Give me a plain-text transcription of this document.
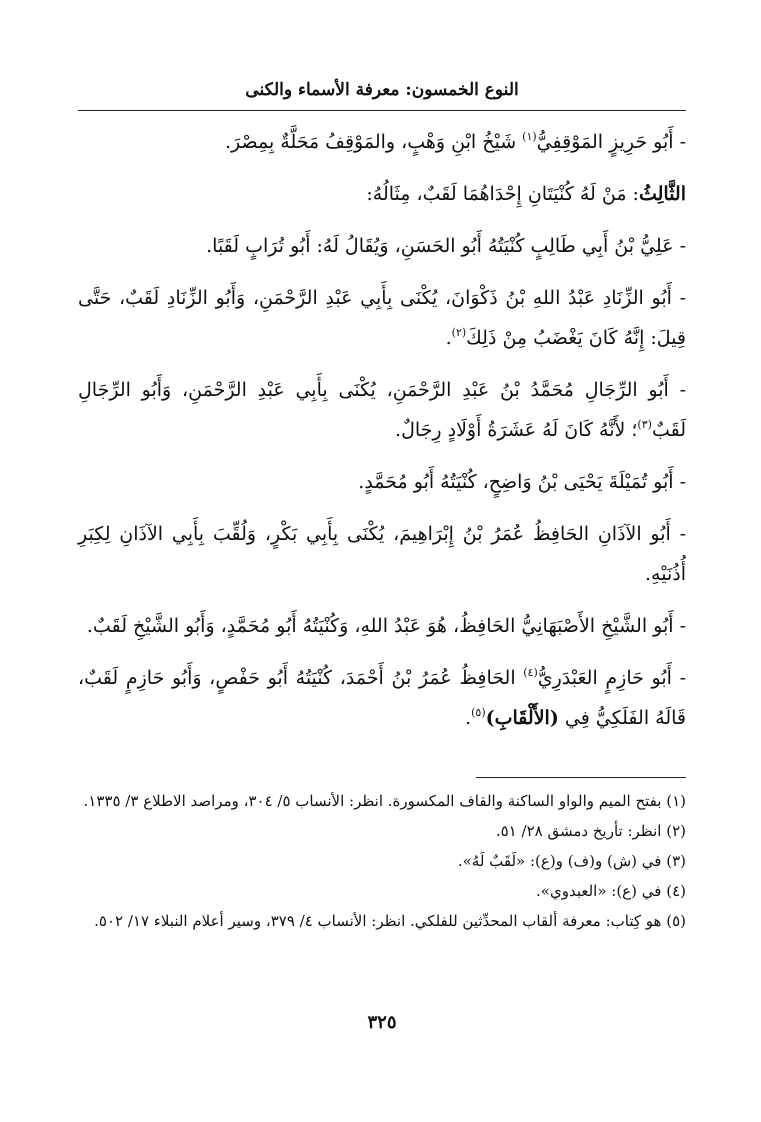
النوع الخمسون: معرفة الأسماء والكنى

- أَبُو حَرِيزٍ المَوْقِفِيُّ$^{(١)}$ شَيْخُ ابْنِ وَهْبٍ، والمَوْقِفُ مَحَلَّةٌ بِمِصْرَ.

الثَّالِثُ: مَنْ لَهُ كُنْيَتَانِ إِحْدَاهُمَا لَقَبٌ، مِثَالُهُ:

- عَلِيُّ بْنُ أَبِي طَالِبٍ كُنْيَتُهُ أَبُو الحَسَنِ، وَيُقَالُ لَهُ: أَبُو تُرَابٍ لَقَبًا.

- أَبُو الزِّنَادِ عَبْدُ اللهِ بْنُ ذَكْوَانَ، يُكْنَى بِأَبِي عَبْدِ الرَّحْمَنِ، وَأَبُو الزِّنَادِ لَقَبٌ، حَتَّى قِيلَ: إِنَّهُ كَانَ يَغْضَبُ مِنْ ذَلِكَ$^{(٢)}$.

- أَبُو الرِّجَالِ مُحَمَّدُ بْنُ عَبْدِ الرَّحْمَنِ، يُكْنَى بِأَبِي عَبْدِ الرَّحْمَنِ، وَأَبُو الرِّجَالِ لَقَبٌ$^{(٣)}$؛ لأَنَّهُ كَانَ لَهُ عَشَرَةُ أَوْلَادٍ رِجَالٌ.

- أَبُو تُمَيْلَةَ يَحْيَى بْنُ وَاضِحٍ، كُنْيَتُهُ أَبُو مُحَمَّدٍ.

- أَبُو الآذَانِ الحَافِظُ عُمَرُ بْنُ إِبْرَاهِيمَ، يُكْنَى بِأَبِي بَكْرٍ، وَلُقِّبَ بِأَبِي الآذَانِ لِكِبَرِ أُذُنَيْهِ.

- أَبُو الشَّيْخِ الأَصْبَهَانِيُّ الحَافِظُ، هُوَ عَبْدُ اللهِ، وَكُنْيَتُهُ أَبُو مُحَمَّدٍ، وَأَبُو الشَّيْخِ لَقَبٌ.

- أَبُو حَازِمٍ العَبْدَرِيُّ$^{(٤)}$ الحَافِظُ عُمَرُ بْنُ أَحْمَدَ، كُنْيَتُهُ أَبُو حَفْصٍ، وَأَبُو حَازِمٍ لَقَبٌ، قَالَهُ الفَلَكِيُّ فِي (الأَلْقَابِ)$^{(٥)}$.

(١) بفتح الميم والواو الساكنة والقاف المكسورة. انظر: الأنساب ٥/ ٣٠٤، ومراصد الاطلاع ٣/ ١٣٣٥.

(٢) انظر: تأريخ دمشق ٢٨/ ٥١.

(٣) في (ش) و(ف) و(ع): «لَقَبٌ لَهُ».

(٤) في (ع): «العبدوي».

(٥) هو كِتاب: معرفة ألقاب المحدِّثين للفلكي. انظر: الأنساب ٤/ ٣٧٩، وسير أعلام النبلاء ١٧/ ٥٠٢.

٣٢٥
